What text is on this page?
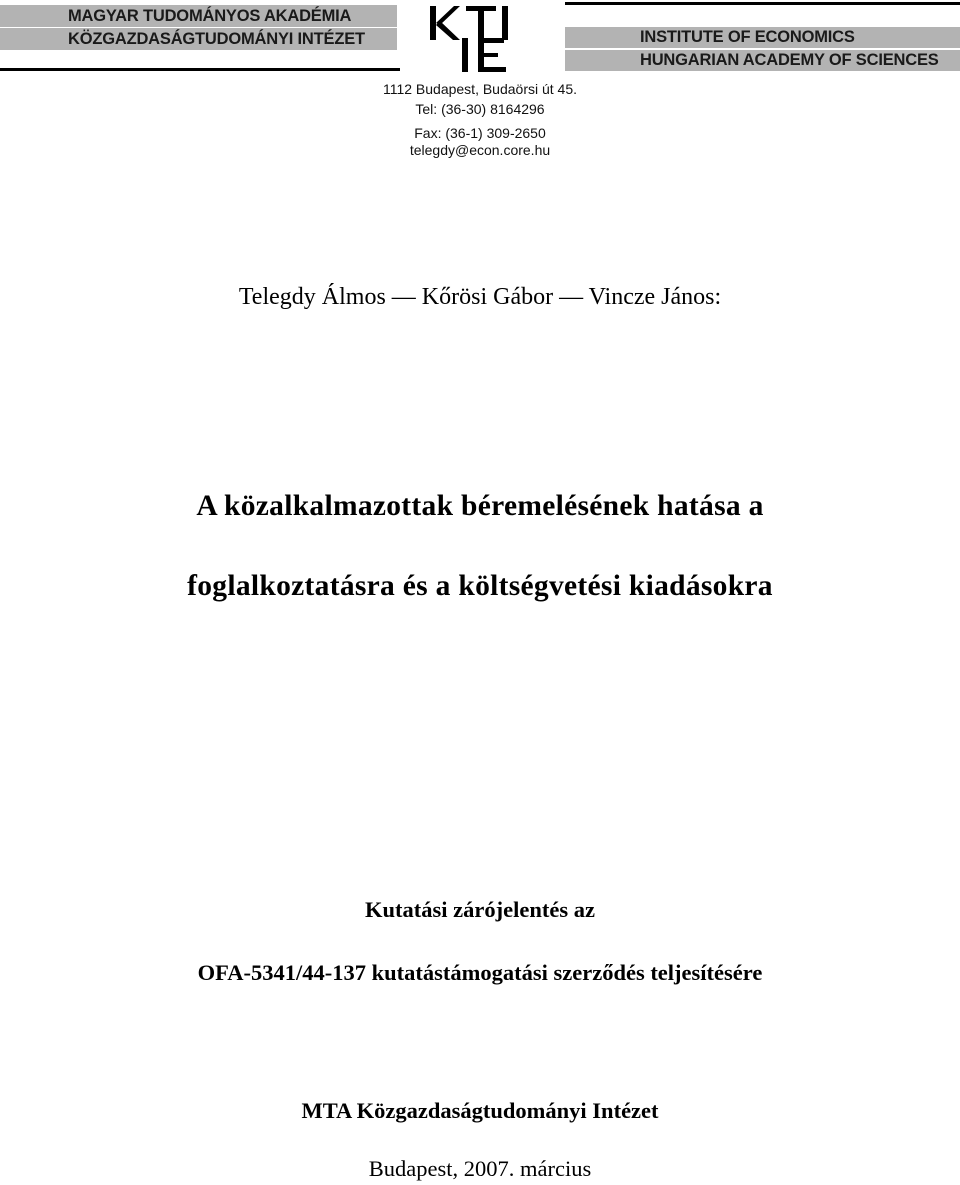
MAGYAR TUDOMÁNYOS AKADÉMIA
KÖZGAZDASÁGTUDOMÁNYI INTÉZET	INSTITUTE OF ECONOMICS
HUNGARIAN ACADEMY OF SCIENCES
1112 Budapest, Budaörsi út 45.
Tel: (36-30) 8164296
Fax: (36-1) 309-2650
telegdy@econ.core.hu
Telegdy Álmos — Kőrösi Gábor — Vincze János:
A közalkalmazottak béremelésének hatása a
foglalkoztatásra és a költségvetési kiadásokra
Kutatási zárójelentés az
OFA-5341/44-137 kutatástámogatási szerződés teljesítésére
MTA Közgazdaságtudományi Intézet
Budapest, 2007. március
